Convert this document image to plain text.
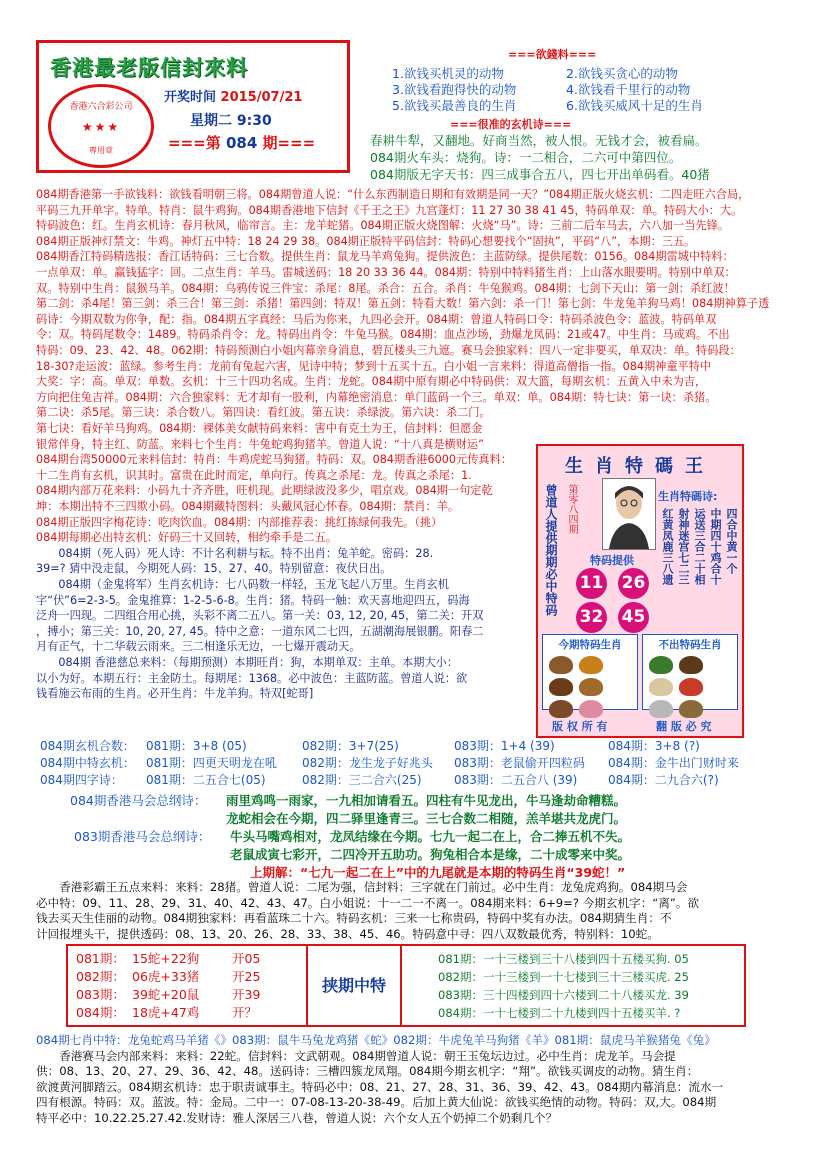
香港最老版信封來料
香港六合彩公司
★★★
專用章
开奖时间 2015/07/21
星期二 9:30
===第 084 期===
===欲錢料===
1.欲钱买机灵的动物
3.欲钱看跑得快的动物
5.欲钱买最善良的生肖
2.欲钱买贪心的动物
4.欲钱看千里行的动物
6.欲钱买威风十足的生肖
===很准的玄机诗===
春耕牛犁，又翻地。好商当然，被人恨。无钱才会，被看扁。
084期火车头：烧狗。诗：一二相合，二六可中第四位。
084期版无字天书：四三成事合五八，四七开出单码看。40猪
084期香港第一手欲钱料：欲钱看明朝三将。084期曾道人说：“什么东西制造日期和有效期是同一天？”084期正版火烧玄机：二四走旺六合局，
平码三九开单字。特单。特肖：鼠牛鸡狗。084期香港地下信封《千王之王》九宫蓬灯：11 27 30 38 41 45，特码单双：单。特码大小：大。
特码波色：红。生肖玄机诗：春月秋风，临帘言。主：龙羊蛇猪。084期正版火烧图解：火烧“马”。诗：三前二后车马去，六八加一当先锋。
084期正版神灯禁文：牛鸡。神灯五中特：18 24 29 38。084期正版特平码信封：特码心想要找个“固执”，平码“八”，本期：三五。
084期香江特码精选报：香江话特码：三七合数。提供生肖：鼠龙马羊鸡兔狗。提供波色：主蓝防绿。提供尾数：0156。084期雷城中特料：
一点单双：单。赢钱猛字：回。二点生肖：羊马。雷城送码：18 20 33 36 44。084期：特别中特料猪生肖：上山落水眼要明。特别中单双：
双。特别中生肖：鼠猴马羊。084期：乌鸦传说三件宝：杀尾：8尾。杀合：五合。杀肖：牛兔猴鸡。084期：七剑下天山：第一剑：杀红波！
第二剑：杀4尾！第三剑：杀三合！第三剑：杀猪！第四剑：特双！第五剑：特看大数！第六剑：杀一门！第七剑：牛龙兔羊狗马鸡！084期神算子透
码诗：今期双数为你争，配：指。084期五字真经：马后为你来，九四必会开。084期：曾道人特码口令：特码杀波色令：蓝波。特码单双
令：双。特码尾数令：1489。特码杀肖令：龙。特码出肖令：牛兔马猴。084期：血点沙场，劲爆龙凤码：21或47。中生肖：马或鸡。不出
特码：09、23、42、48。062期：特码预测白小姐内幕亲身消息，碧瓦楼头三九遮。赛马会独家料：四八一定非要买，单双决：单。特码段：
18-30?走运波：蓝绿。参考生肖：龙前有兔起六害，见诗中特；梦到十五买十五。白小姐一言来料：得道高僧指一指。084期神童平特中
大奖：字：高。单双：单数。玄机：十三十四功名成。生肖：龙蛇。084期中原有期必中特码供：双大篮，每期玄机：五黄入中未为吉，
方向把住兔吉祥。084期：六合独家料：无才却有一股利，内幕绝密消息：单门蓝码一个三。单双：单。084期：特七诀：第一诀：杀猪。
第二诀：杀5尾。第三诀：杀合数八。第四诀：看红波。第五诀：杀绿波。第六诀：杀二门。
第七诀：看好羊马狗鸡。084期：裸体美女献特码来料：害中有克土为王，信封料：但愿金
银常伴身，特主红、防蓝。来料七个生肖：牛兔蛇鸡狗猪羊。曾道人说：“十八真是横财运”
084期台湾50000元来料信封：特肖：牛鸡虎蛇马狗猪。特码：双。084期香港6000元传真料：
十二生肖有玄机，识其时。富贵在此时而定，单向行。传真之杀尾：龙。传真之杀尾：1.
084期内部万花来料：小码九十齐齐胜，旺机现。此期绿波没多少，唱京戏。084期一句定乾
坤：本期出特不三四欺小码。084期藏特图料：头戴风冠心怀春。084期：禁肖：羊。
084期正版四字梅花诗：吃肉饮血。084期：内部推荐表：挑红拣绿何我先。（挑）
084期每期必出特玄机：好码三十又回转，相约牵手是二五。
　　084期（死人码）死人诗：不计名利耕与耘。特不出肖：兔羊蛇。密码：28.
39=? 猜中没走鼠，今期死人码：15、27、40。特别留意：夜伏日出。
　　084期（金鬼将军）生肖玄机诗：七八码数一样轻，玉龙飞起八万里。生肖玄机
字“伏”6=2-3-5。金鬼推算：1-2-5-6-8。生肖：猪。特码一触：欢天喜地迎四五，码海
泛舟一四现。二四组合用心挑，头彩不离二五八。第一关：03, 12, 20, 45，第二关：开双
，搏小；第三关：10, 20, 27, 45。特中之意：一道东风二七四，五湖潮海展银鹏。阳春二
月有正气，十二华载云雨来。三二相逢乐无边，一七爆开震动天。
　　084期 香港慈总来料：（每期预测）本期旺肖：狗，本期单双：主单。本期大小：
以小为好。本期五行：主金防土。每期尾：1368。必中波色：主蓝防蓝。曾道人说：欲
钱看施云布雨的生肖。必开生肖：牛龙羊狗。特双[蛇哥]
生肖特碼王
曾道人提供期期必中特码 第零八四期	生肖特碼诗:
红黄凤鹿三八遗 射神迷宫七二三 运送三合二十相 中期四十鸡合十 四合中黄一个
特码提供
11 26
32 45
今期特码生肖	不出特码生肖
版 权 所 有	翻 版 必 究
084期玄机合数： 081期：3+8 (05)	082期：3+7(25)	083期：1+4 (39)	084期：3+8 (?)
084期中特玄机： 081期：四更天明龙在吼 082期：龙生龙子好兆头 083期：老鼠偷开四粒码 084期：金牛出门财时来
084期四字诗： 081期：二五合七(05)	082期：三二合六(25)	083期：二五合八 (39)	084期：二九合六(?)
084期香港马会总纲诗： 雨里鸡鸣一雨家，一九相加请看五。四柱有牛见龙出，牛马逢劫命糟糕。
龙蛇相会在今期，四二驿里逢青三。三七合数二相随，羔羊堪共龙虎门。
083期香港马会总纲诗： 牛头马嘴鸡相对，龙凤结缘在今期。七九一起二在上，合二捧五机不失。
老鼠成寅七彩开，二四冷开五助功。狗兔相合本是缘，二十成零来中奖。
上期解：“七九一起二在上”中的九尾就是本期的特码生肖“39蛇！”
　　香港彩霸王五点来料：来料：28猪。曾道人说：二尾为强，信封料：三字就在门前过。必中生肖：龙兔虎鸡狗。084期马会
必中特：09、11、28、29、31、40、42、43、47。白小姐说：十一二一不离一。084期来料：6+9=? 今期玄机字：“离”。欲
钱去买天生佳丽的动物。084期独家料：再看蓝珠二十六。特码玄机：三来一七称贵码，特码中奖有办法。084期猜生肖：不
计回报埋头干，提供透码：08、13、20、26、28、33、38、45、46。特码意中寻：四八双数最优秀，特别料：10蛇。
081期： 15蛇+22狗	开05
082期： 06虎+33猪	开25
083期： 39蛇+20鼠	开39
084期： 18虎+47鸡	开？
挟期中特
081期：一十三楼到三十八楼到四十五楼买狗. 05
082期：一十三楼到一十七楼到三十三楼买虎. 25
083期：三十四楼到四十六楼到二十八楼买龙. 39
084期：一十七楼到二十九楼到四十五楼买羊. ?
084期七肖中特：龙兔蛇鸡马羊猪《》083期：鼠牛马兔龙鸡猪《蛇》082期：牛虎兔羊马狗猪《羊》081期：鼠虎马羊猴猪兔《兔》
　　香港赛马会内部来料：来料：22蛇。信封料：文武朝观。084期曾道人说：朝王玉兔坛边过。必中生肖：虎龙羊。马会提
供：08、13、20、27、29、36、42、48。送码诗：三槽四簇龙凤翔。084期今期玄机字：“翔”。欲钱买调皮的动物。猜生肖：
欲渡黄河脚踏云。084期玄机诗：忠于职责诚事主。特码必中：08、21、27、28、31、36、39、42、43。084期内幕消息：流水一
四有根源。特码：双。蓝波。特：金局。二中一：07-08-13-20-38-49。后加上黄大仙说：欲钱买绝情的动物。特码：双,大。084期
特平必中：10.22.25.27.42.发财诗：雅人深居三八巷，曾道人说：六个女人五个奶掉二个奶剩几个？
